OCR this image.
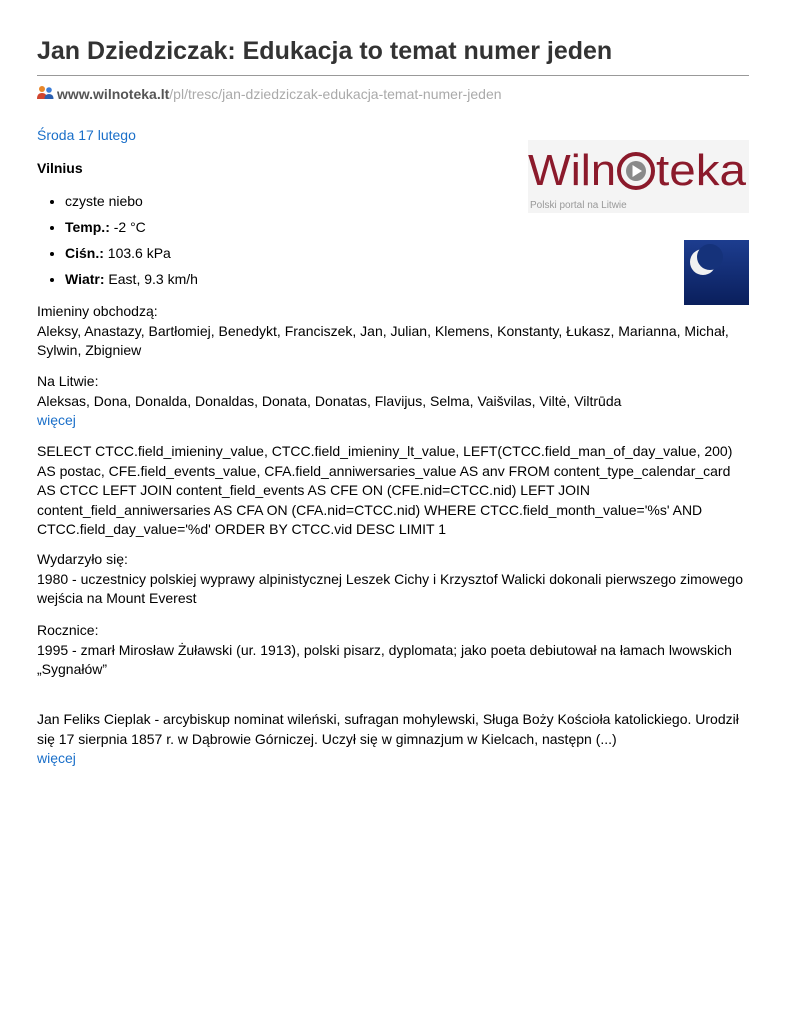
Jan Dziedziczak: Edukacja to temat numer jeden
www.wilnoteka.lt/pl/tresc/jan-dziedziczak-edukacja-temat-numer-jeden
Środa 17 lutego
Vilnius
• czyste niebo
• Temp.: -2 °C
• Ciśn.: 103.6 kPa
• Wiatr: East, 9.3 km/h
Wiln teka
Polski portal na Litwie
Imieniny obchodzą:
Aleksy, Anastazy, Bartłomiej, Benedykt, Franciszek, Jan, Julian, Klemens, Konstanty, Łukasz, Marianna, Michał, Sylwin, Zbigniew
Na Litwie:
Aleksas, Dona, Donalda, Donaldas, Donata, Donatas, Flavijus, Selma, Vaišvilas, Viltė, Viltrūda
więcej
SELECT CTCC.field_imieniny_value, CTCC.field_imieniny_lt_value, LEFT(CTCC.field_man_of_day_value, 200) AS postac, CFE.field_events_value, CFA.field_anniwersaries_value AS anv FROM content_type_calendar_card AS CTCC LEFT JOIN content_field_events AS CFE ON (CFE.nid=CTCC.nid) LEFT JOIN content_field_anniwersaries AS CFA ON (CFA.nid=CTCC.nid) WHERE CTCC.field_month_value='%s' AND CTCC.field_day_value='%d' ORDER BY CTCC.vid DESC LIMIT 1
Wydarzyło się:
1980 - uczestnicy polskiej wyprawy alpinistycznej Leszek Cichy i Krzysztof Walicki dokonali pierwszego zimowego wejścia na Mount Everest
Rocznice:
1995 - zmarł Mirosław Żuławski (ur. 1913), polski pisarz, dyplomata; jako poeta debiutował na łamach lwowskich „Sygnałów”
Jan Feliks Cieplak - arcybiskup nominat wileński, sufragan mohylewski, Sługa Boży Kościoła katolickiego. Urodził się 17 sierpnia 1857 r. w Dąbrowie Górniczej. Uczył się w gimnazjum w Kielcach, następn (...)
więcej
